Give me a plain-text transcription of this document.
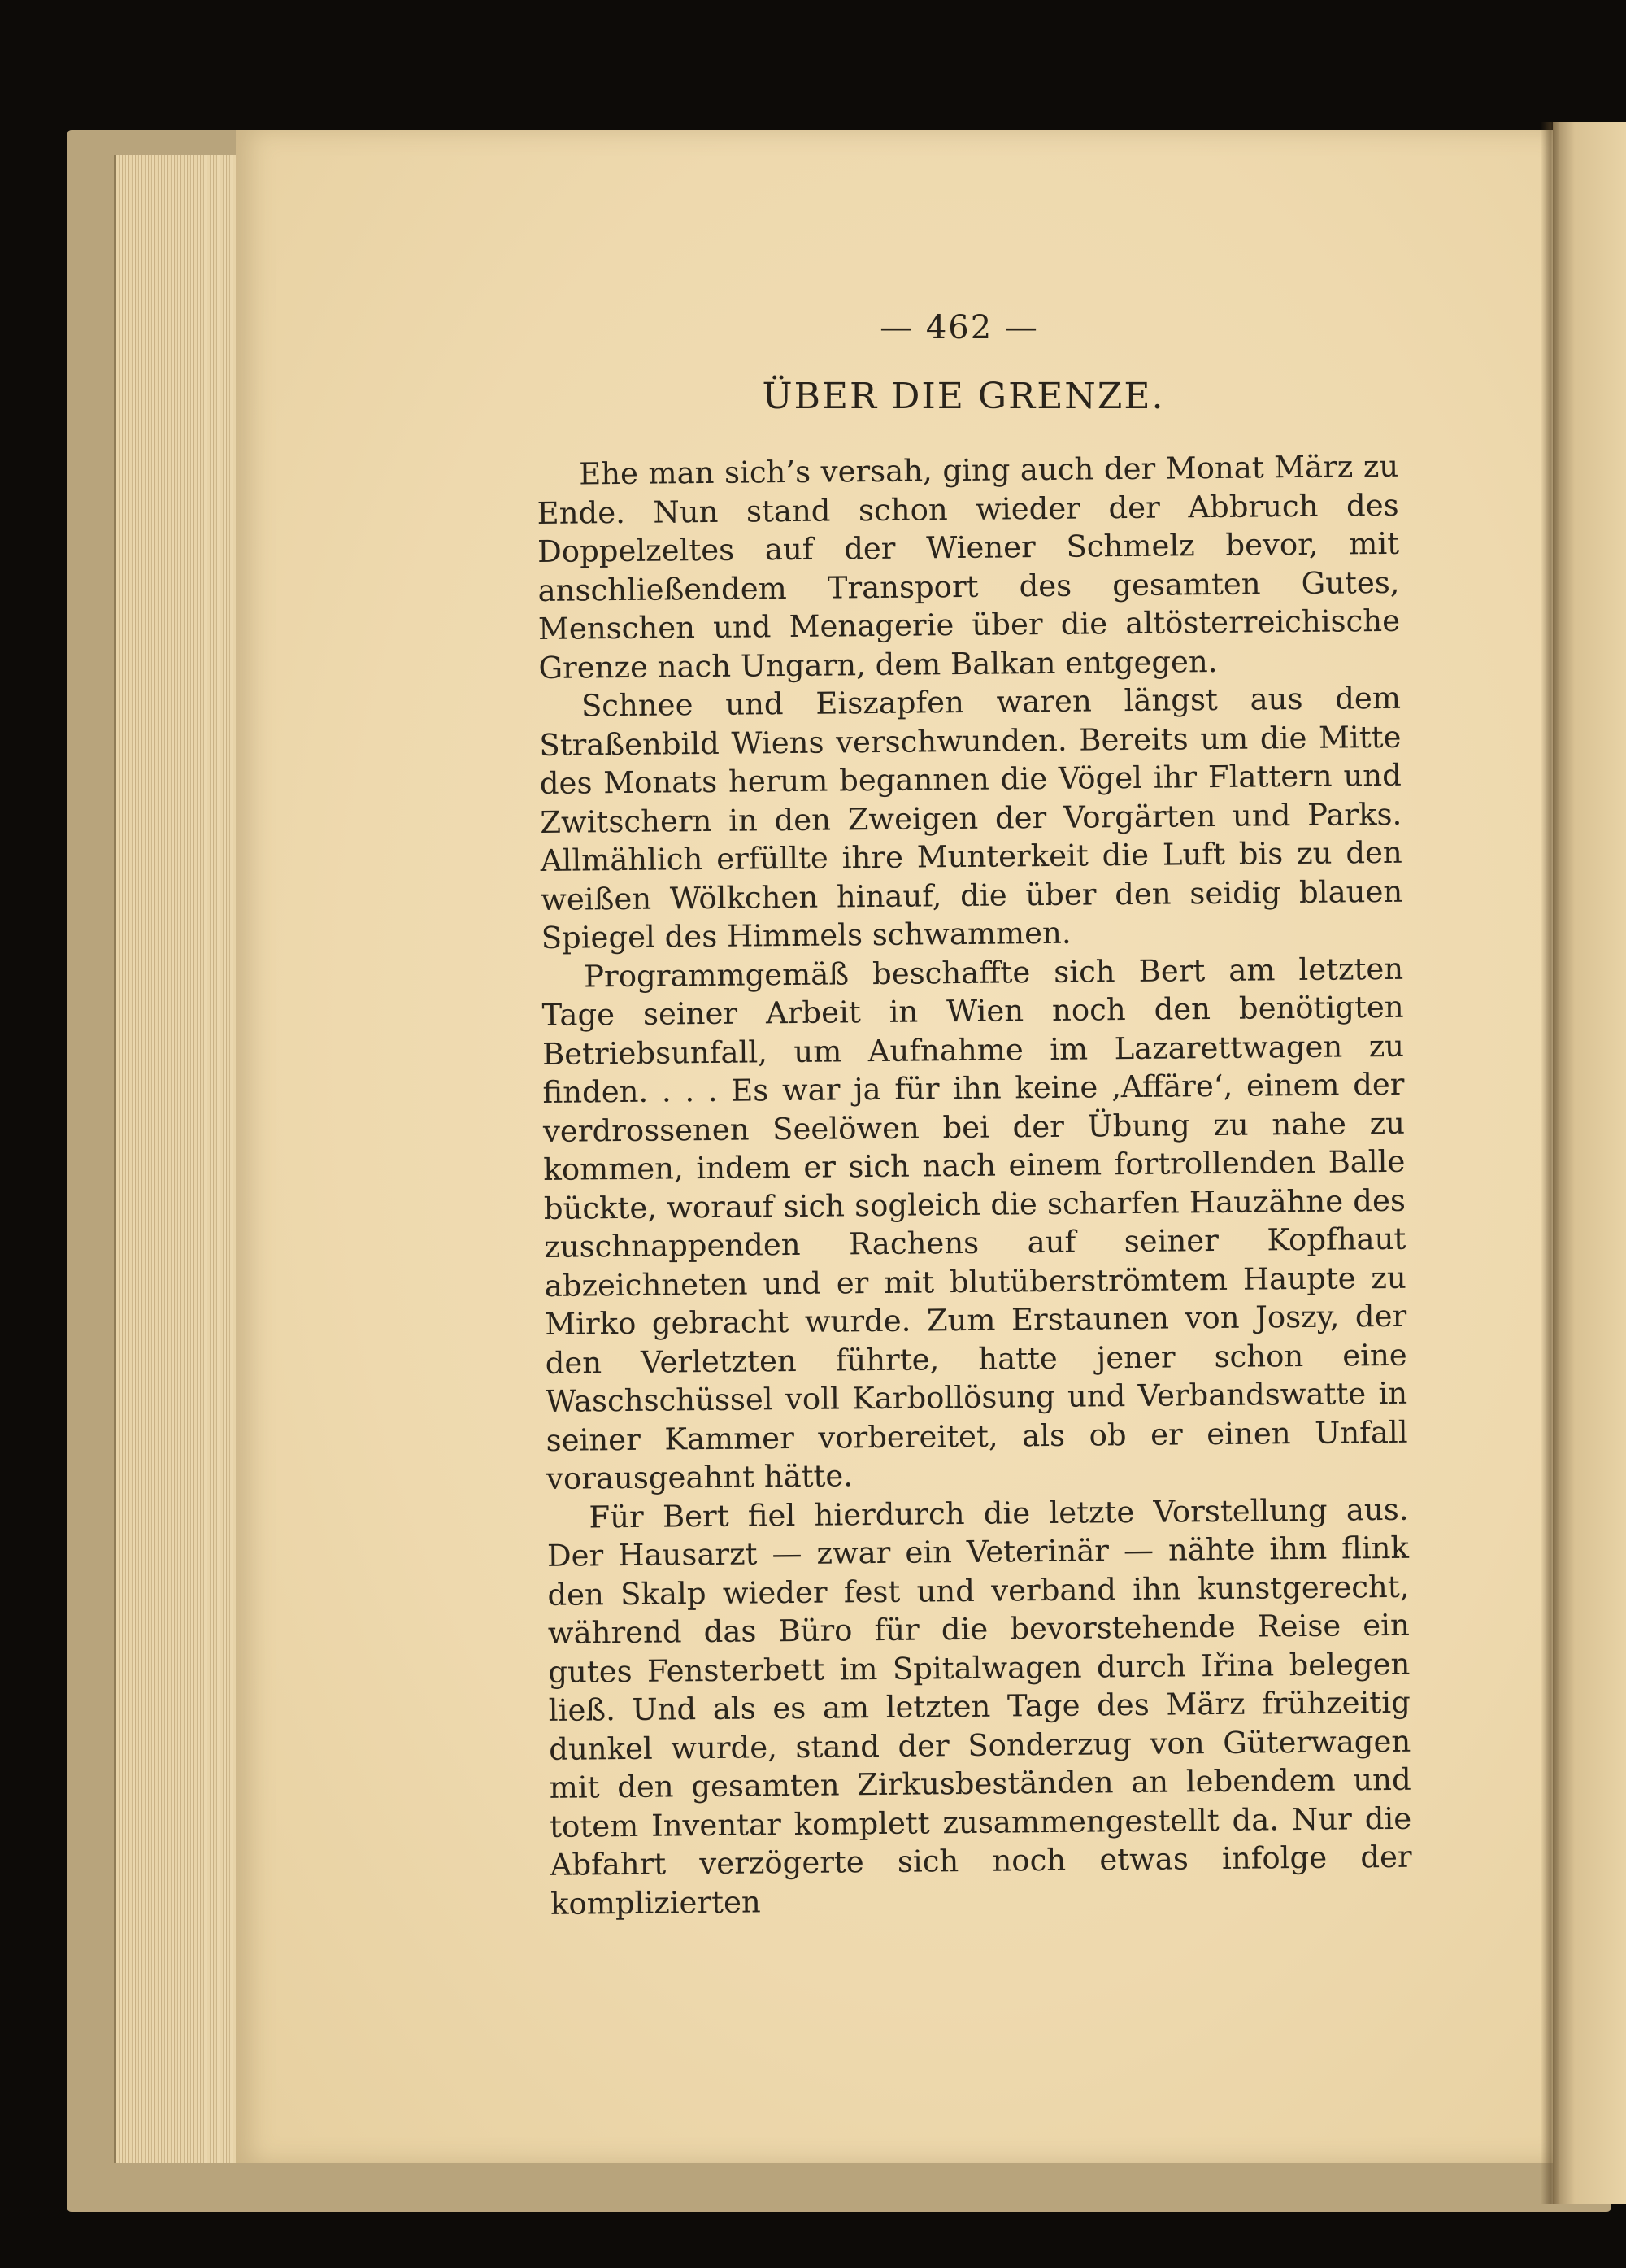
— 462 —
ÜBER DIE GRENZE.

Ehe man sich’s versah, ging auch der Monat März zu Ende. Nun stand schon wieder der Abbruch des Doppelzeltes auf der Wiener Schmelz bevor, mit anschließendem Transport des gesamten Gutes, Menschen und Menagerie über die altösterreichische Grenze nach Ungarn, dem Balkan entgegen.

Schnee und Eiszapfen waren längst aus dem Straßenbild Wiens verschwunden. Bereits um die Mitte des Monats herum begannen die Vögel ihr Flattern und Zwitschern in den Zweigen der Vorgärten und Parks. Allmählich erfüllte ihre Munterkeit die Luft bis zu den weißen Wölkchen hinauf, die über den seidig blauen Spiegel des Himmels schwammen.

Programmgemäß beschaffte sich Bert am letzten Tage seiner Arbeit in Wien noch den benötigten Betriebsunfall, um Aufnahme im Lazarettwagen zu finden. . . . Es war ja für ihn keine ‚Affäre‘, einem der verdrossenen Seelöwen bei der Übung zu nahe zu kommen, indem er sich nach einem fortrollenden Balle bückte, worauf sich sogleich die scharfen Hauzähne des zuschnappenden Rachens auf seiner Kopfhaut abzeichneten und er mit blutüberströmtem Haupte zu Mirko gebracht wurde. Zum Erstaunen von Joszy, der den Verletzten führte, hatte jener schon eine Waschschüssel voll Karbollösung und Verbandswatte in seiner Kammer vorbereitet, als ob er einen Unfall vorausgeahnt hätte.

Für Bert fiel hierdurch die letzte Vorstellung aus. Der Hausarzt — zwar ein Veterinär — nähte ihm flink den Skalp wieder fest und verband ihn kunstgerecht, während das Büro für die bevorstehende Reise ein gutes Fensterbett im Spitalwagen durch Iřina belegen ließ. Und als es am letzten Tage des März frühzeitig dunkel wurde, stand der Sonderzug von Güterwagen mit den gesamten Zirkusbeständen an lebendem und totem Inventar komplett zusammengestellt da. Nur die Abfahrt verzögerte sich noch etwas infolge der komplizierten
